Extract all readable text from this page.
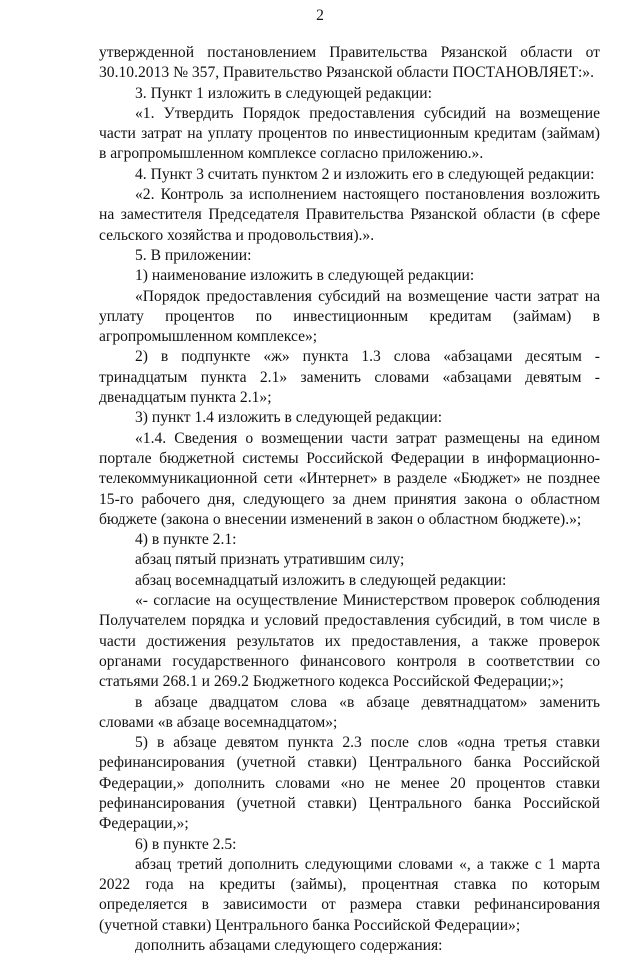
2

утвержденной постановлением Правительства Рязанской области от 30.10.2013 № 357, Правительство Рязанской области ПОСТАНОВЛЯЕТ:».

3. Пункт 1 изложить в следующей редакции:

«1. Утвердить Порядок предоставления субсидий на возмещение части затрат на уплату процентов по инвестиционным кредитам (займам) в агропромышленном комплексе согласно приложению.».

4. Пункт 3 считать пунктом 2 и изложить его в следующей редакции:

«2. Контроль за исполнением настоящего постановления возложить на заместителя Председателя Правительства Рязанской области (в сфере сельского хозяйства и продовольствия).».

5. В приложении:

1) наименование изложить в следующей редакции:

«Порядок предоставления субсидий на возмещение части затрат на уплату процентов по инвестиционным кредитам (займам) в агропромышленном комплексе»;

2) в подпункте «ж» пункта 1.3 слова «абзацами десятым - тринадцатым пункта 2.1» заменить словами «абзацами девятым - двенадцатым пункта 2.1»;

3) пункт 1.4 изложить в следующей редакции:

«1.4. Сведения о возмещении части затрат размещены на едином портале бюджетной системы Российской Федерации в информационно-телекоммуникационной сети «Интернет» в разделе «Бюджет» не позднее 15-го рабочего дня, следующего за днем принятия закона о областном бюджете (закона о внесении изменений в закон о областном бюджете).»;

4) в пункте 2.1:

абзац пятый признать утратившим силу;

абзац восемнадцатый изложить в следующей редакции:

«- согласие на осуществление Министерством проверок соблюдения Получателем порядка и условий предоставления субсидий, в том числе в части достижения результатов их предоставления, а также проверок органами государственного финансового контроля в соответствии со статьями 268.1 и 269.2 Бюджетного кодекса Российской Федерации;»;

в абзаце двадцатом слова «в абзаце девятнадцатом» заменить словами «в абзаце восемнадцатом»;

5) в абзаце девятом пункта 2.3 после слов «одна третья ставки рефинансирования (учетной ставки) Центрального банка Российской Федерации,» дополнить словами «но не менее 20 процентов ставки рефинансирования (учетной ставки) Центрального банка Российской Федерации,»;

6) в пункте 2.5:

абзац третий дополнить следующими словами «, а также с 1 марта 2022 года на кредиты (займы), процентная ставка по которым определяется в зависимости от размера ставки рефинансирования (учетной ставки) Центрального банка Российской Федерации»;

дополнить абзацами следующего содержания:
